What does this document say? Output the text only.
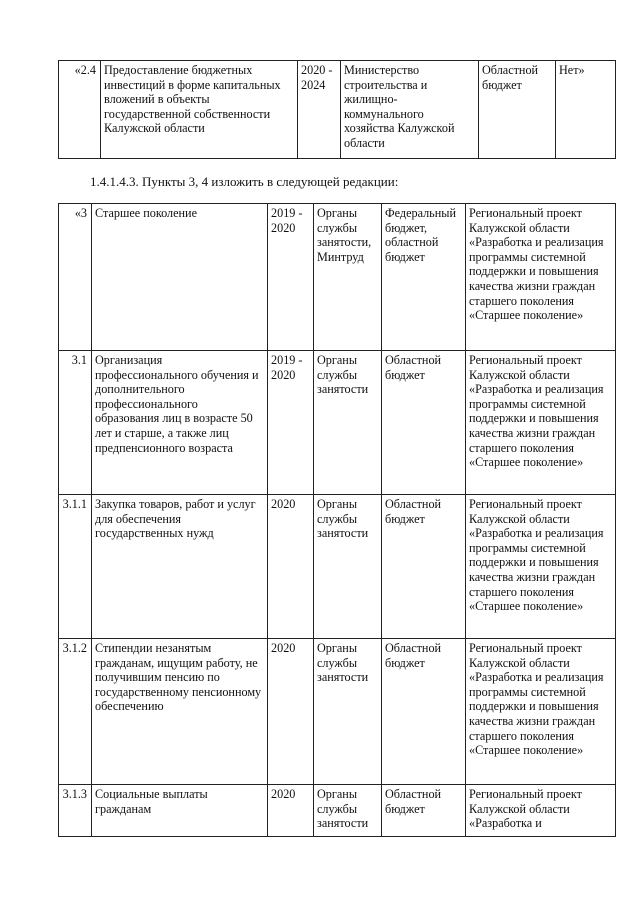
«2.4	Предоставление бюджетных инвестиций в форме капитальных вложений в объекты государственной собственности Калужской области	2020 - 2024	Министерство строительства и жилищно-коммунального хозяйства Калужской области	Областной бюджет	Нет»
1.4.1.4.3. Пункты 3, 4 изложить в следующей редакции:
«3	Старшее поколение	2019 - 2020	Органы службы занятости, Минтруд	Федеральный бюджет, областной бюджет	Региональный проект Калужской области «Разработка и реализация программы системной поддержки и повышения качества жизни граждан старшего поколения «Старшее поколение»
3.1	Организация профессионального обучения и дополнительного профессионального образования лиц в возрасте 50 лет и старше, а также лиц предпенсионного возраста	2019 - 2020	Органы службы занятости	Областной бюджет	Региональный проект Калужской области «Разработка и реализация программы системной поддержки и повышения качества жизни граждан старшего поколения «Старшее поколение»
3.1.1	Закупка товаров, работ и услуг для обеспечения государственных нужд	2020	Органы службы занятости	Областной бюджет	Региональный проект Калужской области «Разработка и реализация программы системной поддержки и повышения качества жизни граждан старшего поколения «Старшее поколение»
3.1.2	Стипендии незанятым гражданам, ищущим работу, не получившим пенсию по государственному пенсионному обеспечению	2020	Органы службы занятости	Областной бюджет	Региональный проект Калужской области «Разработка и реализация программы системной поддержки и повышения качества жизни граждан старшего поколения «Старшее поколение»
3.1.3	Социальные выплаты гражданам	2020	Органы службы занятости	Областной бюджет	Региональный проект Калужской области «Разработка и
